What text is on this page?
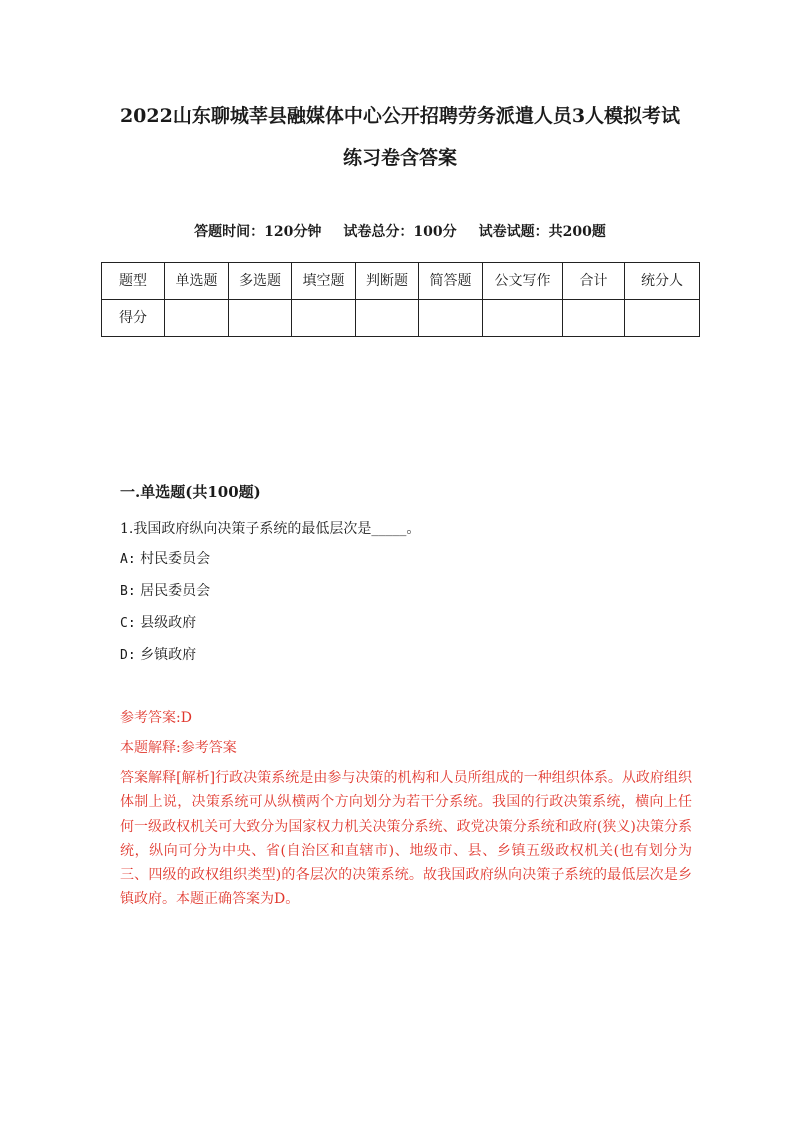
2022山东聊城莘县融媒体中心公开招聘劳务派遣人员3人模拟考试
练习卷含答案
答题时间：120分钟 试卷总分：100分 试卷试题：共200题
题型	单选题	多选题	填空题	判断题	简答题	公文写作	合计	统分人
得分								
一.单选题(共100题)
1.我国政府纵向决策子系统的最低层次是_____。
A: 村民委员会
B: 居民委员会
C: 县级政府
D: 乡镇政府
参考答案:D
本题解释:参考答案
答案解释[解析]行政决策系统是由参与决策的机构和人员所组成的一种组织体系。从政府组织体制上说，决策系统可从纵横两个方向划分为若干分系统。我国的行政决策系统，横向上任何一级政权机关可大致分为国家权力机关决策分系统、政党决策分系统和政府(狭义)决策分系统，纵向可分为中央、省(自治区和直辖市)、地级市、县、乡镇五级政权机关(也有划分为三、四级的政权组织类型)的各层次的决策系统。故我国政府纵向决策子系统的最低层次是乡镇政府。本题正确答案为D。
